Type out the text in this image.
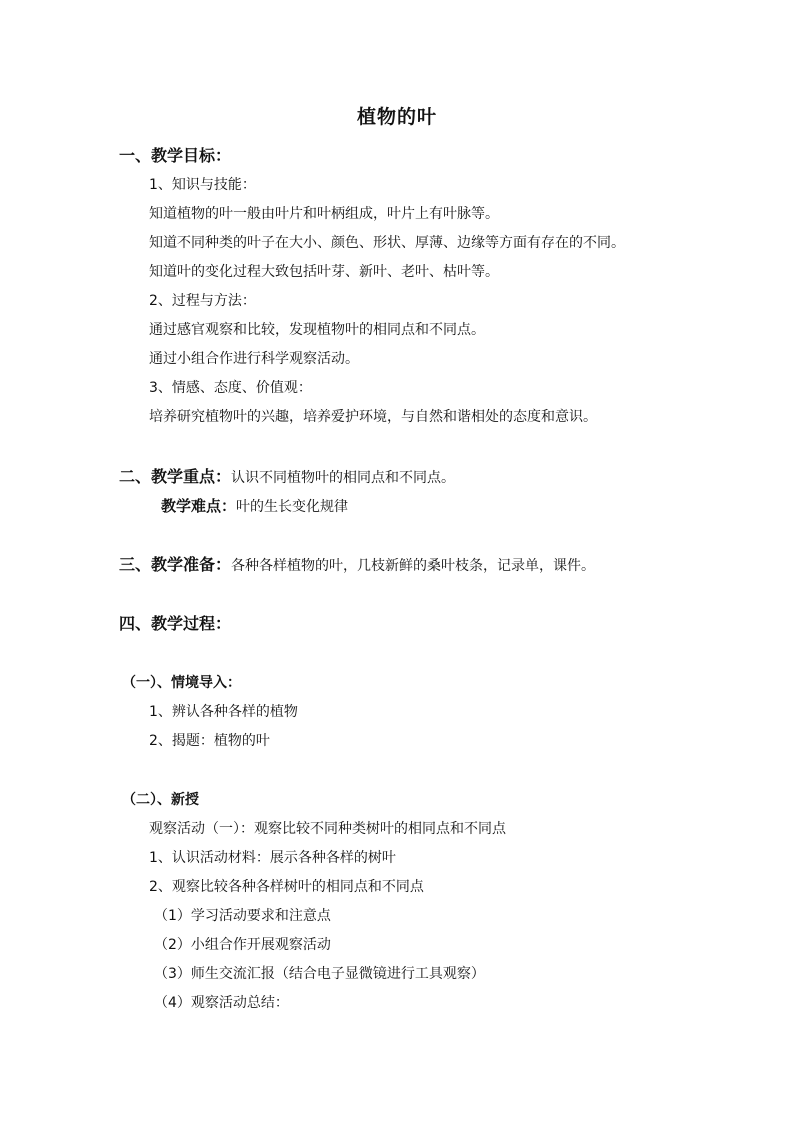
植物的叶
一、教学目标：
1、知识与技能：
知道植物的叶一般由叶片和叶柄组成，叶片上有叶脉等。
知道不同种类的叶子在大小、颜色、形状、厚薄、边缘等方面有存在的不同。
知道叶的变化过程大致包括叶芽、新叶、老叶、枯叶等。
2、过程与方法：
通过感官观察和比较，发现植物叶的相同点和不同点。
通过小组合作进行科学观察活动。
3、情感、态度、价值观：
培养研究植物叶的兴趣，培养爱护环境，与自然和谐相处的态度和意识。
二、教学重点：认识不同植物叶的相同点和不同点。
教学难点：叶的生长变化规律
三、教学准备：各种各样植物的叶，几枝新鲜的桑叶枝条，记录单，课件。
四、教学过程：
（一）、情境导入：
1、辨认各种各样的植物
2、揭题：植物的叶
（二）、新授
观察活动（一）：观察比较不同种类树叶的相同点和不同点
1、认识活动材料：展示各种各样的树叶
2、观察比较各种各样树叶的相同点和不同点
（1）学习活动要求和注意点
（2）小组合作开展观察活动
（3）师生交流汇报（结合电子显微镜进行工具观察）
（4）观察活动总结：
